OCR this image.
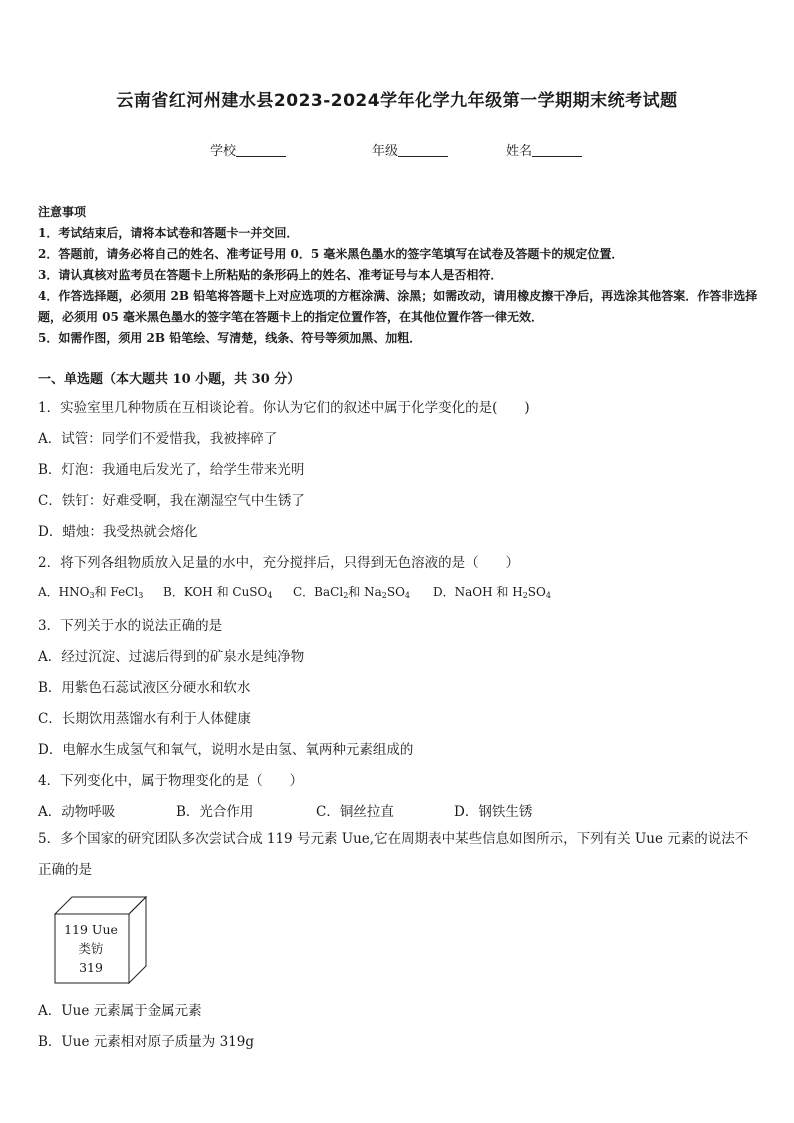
云南省红河州建水县2023-2024学年化学九年级第一学期期末统考试题
学校	年级	姓名
注意事项
1．考试结束后，请将本试卷和答题卡一并交回．
2．答题前，请务必将自己的姓名、准考证号用 0．5 毫米黑色墨水的签字笔填写在试卷及答题卡的规定位置．
3．请认真核对监考员在答题卡上所粘贴的条形码上的姓名、准考证号与本人是否相符．
4．作答选择题，必须用 2B 铅笔将答题卡上对应选项的方框涂满、涂黑；如需改动，请用橡皮擦干净后，再选涂其他答案．作答非选择题，必须用 05 毫米黑色墨水的签字笔在答题卡上的指定位置作答，在其他位置作答一律无效．
5．如需作图，须用 2B 铅笔绘、写清楚，线条、符号等须加黑、加粗．
一、单选题（本大题共 10 小题，共 30 分）
1．实验室里几种物质在互相谈论着。你认为它们的叙述中属于化学变化的是(　　)
A．试管：同学们不爱惜我，我被摔碎了
B．灯泡：我通电后发光了，给学生带来光明
C．铁钉：好难受啊，我在潮湿空气中生锈了
D．蜡烛：我受热就会熔化
2．将下列各组物质放入足量的水中，充分搅拌后，只得到无色溶液的是（　　）
A．$HNO_3$和 FeCl$_3$ B．KOH 和 CuSO$_4$ C．BaCl$_2$和 $Na_2SO_4$ D．NaOH 和 $H_2SO_4$
3．下列关于水的说法正确的是
A．经过沉淀、过滤后得到的矿泉水是纯净物
B．用紫色石蕊试液区分硬水和软水
C．长期饮用蒸馏水有利于人体健康
D．电解水生成氢气和氧气，说明水是由氢、氧两种元素组成的
4．下列变化中，属于物理变化的是（　　）
A．动物呼吸	B．光合作用	C．铜丝拉直	D．钢铁生锈
5．多个国家的研究团队多次尝试合成 119 号元素 Uue,它在周期表中某些信息如图所示，下列有关 Uue 元素的说法不正确的是
119 Uue
类钫
319
A．Uue 元素属于金属元素
B．Uue 元素相对原子质量为 319g
